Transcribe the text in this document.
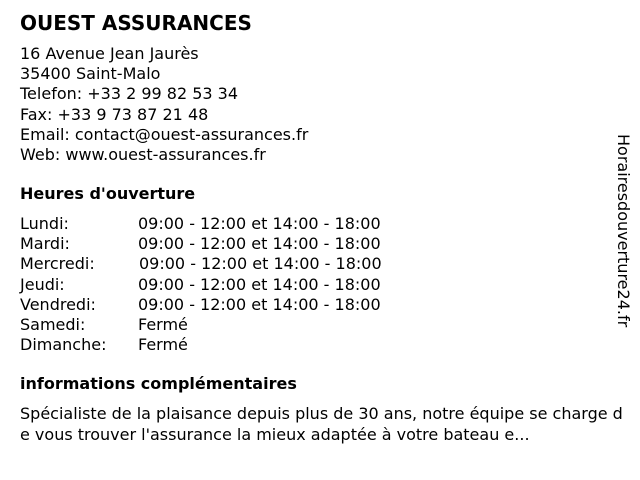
OUEST ASSURANCES
16 Avenue Jean Jaurès
35400 Saint-Malo
Telefon: +33 2 99 82 53 34
Fax: +33 9 73 87 21 48
Email: contact@ouest-assurances.fr
Web: www.ouest-assurances.fr
Heures d'ouverture
Lundi:	09:00 - 12:00 et 14:00 - 18:00
Mardi:	09:00 - 12:00 et 14:00 - 18:00
Mercredi:	09:00 - 12:00 et 14:00 - 18:00
Jeudi:	09:00 - 12:00 et 14:00 - 18:00
Vendredi:	09:00 - 12:00 et 14:00 - 18:00
Samedi:	Fermé
Dimanche: Fermé
informations complémentaires
Spécialiste de la plaisance depuis plus de 30 ans, notre équipe se charge de vous trouver l'assurance la mieux adaptée à votre bateau e...
Horairesdouverture24.fr
